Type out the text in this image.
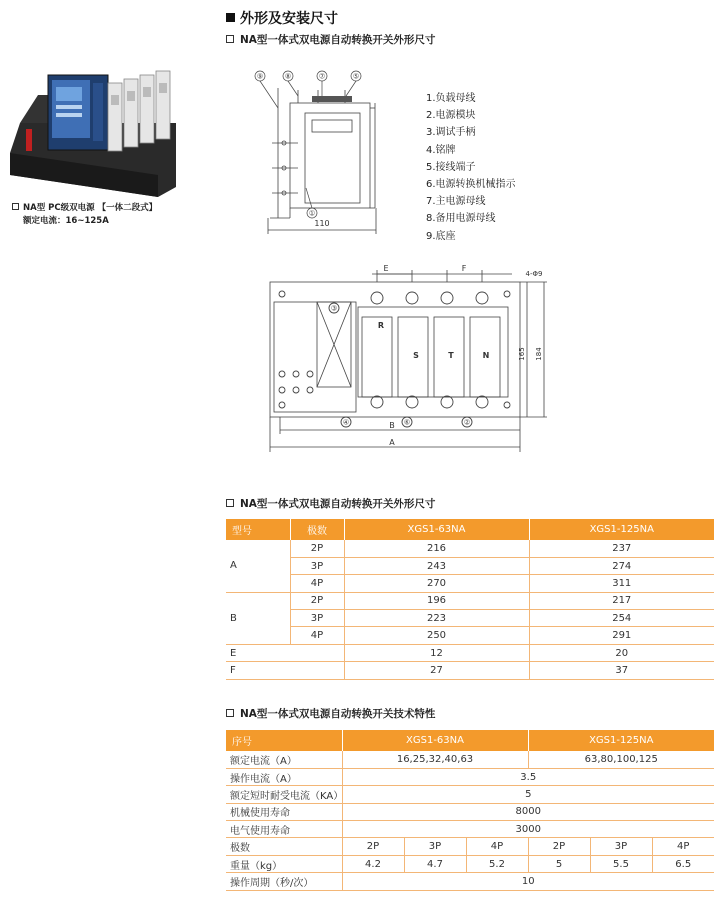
外形及安装尺寸
NA型一体式双电源自动转换开关外形尺寸
NA型 PC级双电源 【一体二段式】
额定电流：16~125A
⑨	⑧	⑦	⑤
①
110
1.负载母线
2.电源模块
3.调试手柄
4.铭牌
5.接线端子
6.电源转换机械指示
7.主电源母线
8.备用电源母线
9.底座
R
S	T	N
E	F
4-Φ9
165 184
B
A
③
⑥
④	②
NA型一体式双电源自动转换开关外形尺寸
型号	极数	XGS1-63NA	XGS1-125NA
A	2P	216	237
	3P	243	274
	4P	270	311
B	2P	196	217
	3P	223	254
	4P	250	291
E		12	20
F		27	37
NA型一体式双电源自动转换开关技术特性
序号	XGS1-63NA			XGS1-125NA		
额定电流（A）	16,25,32,40,63			63,80,100,125		
操作电流（A）	3.5					
额定短时耐受电流（KA）	5					
机械使用寿命	8000					
电气使用寿命	3000					
极数	2P	3P	4P	2P	3P	4P
重量（kg）	4.2	4.7	5.2	5	5.5	6.5
操作周期（秒/次）	10					
